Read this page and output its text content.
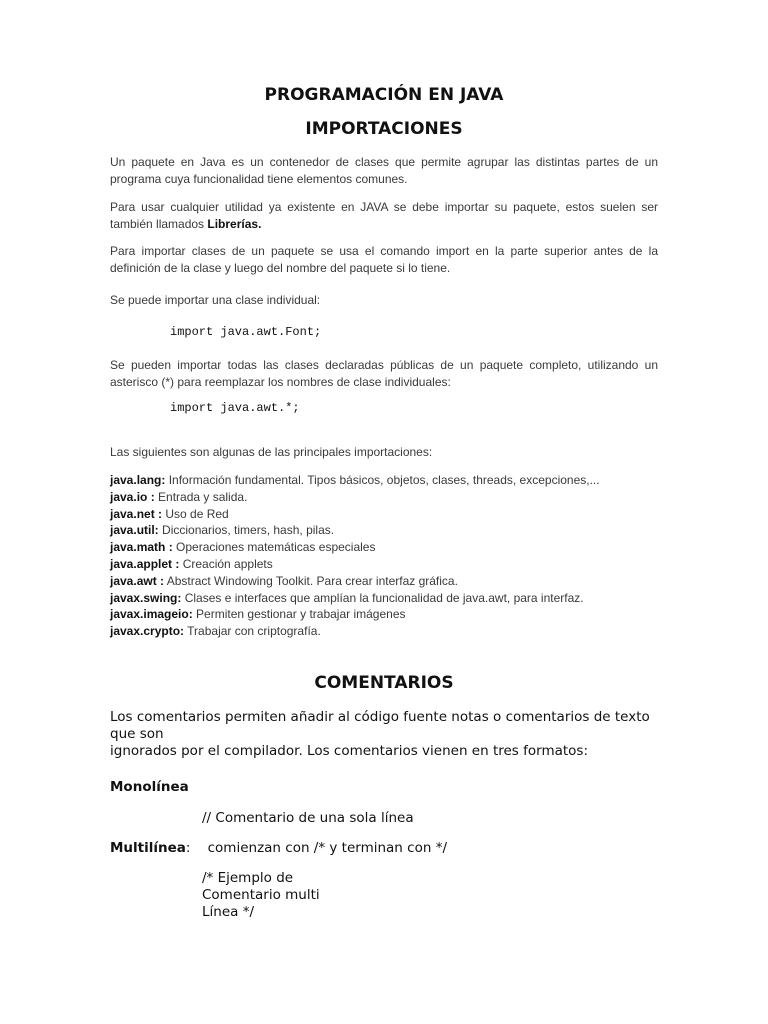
PROGRAMACIÓN EN JAVA
IMPORTACIONES

Un paquete en Java es un contenedor de clases que permite agrupar las distintas partes de un programa cuya funcionalidad tiene elementos comunes.

Para usar cualquier utilidad ya existente en JAVA se debe importar su paquete, estos suelen ser también llamados Librerías.

Para importar clases de un paquete se usa el comando import en la parte superior antes de la definición de la clase y luego del nombre del paquete si lo tiene.

Se puede importar una clase individual:

import java.awt.Font;

Se pueden importar todas las clases declaradas públicas de un paquete completo, utilizando un asterisco (*) para reemplazar los nombres de clase individuales:

import java.awt.*;

Las siguientes son algunas de las principales importaciones:

java.lang: Información fundamental. Tipos básicos, objetos, clases, threads, excepciones,...
java.io : Entrada y salida.
java.net : Uso de Red
java.util: Diccionarios, timers, hash, pilas.
java.math : Operaciones matemáticas especiales
java.applet : Creación applets
java.awt : Abstract Windowing Toolkit. Para crear interfaz gráfica.
javax.swing: Clases e interfaces que amplían la funcionalidad de java.awt, para interfaz.
javax.imageio: Permiten gestionar y trabajar imágenes
javax.crypto: Trabajar con criptografía.
COMENTARIOS

Los comentarios permiten añadir al código fuente notas o comentarios de texto que son
ignorados por el compilador. Los comentarios vienen en tres formatos:

Monolínea

// Comentario de una sola línea

Multilínea:    comienzan con /* y terminan con */

/* Ejemplo de
Comentario multi
Línea */
